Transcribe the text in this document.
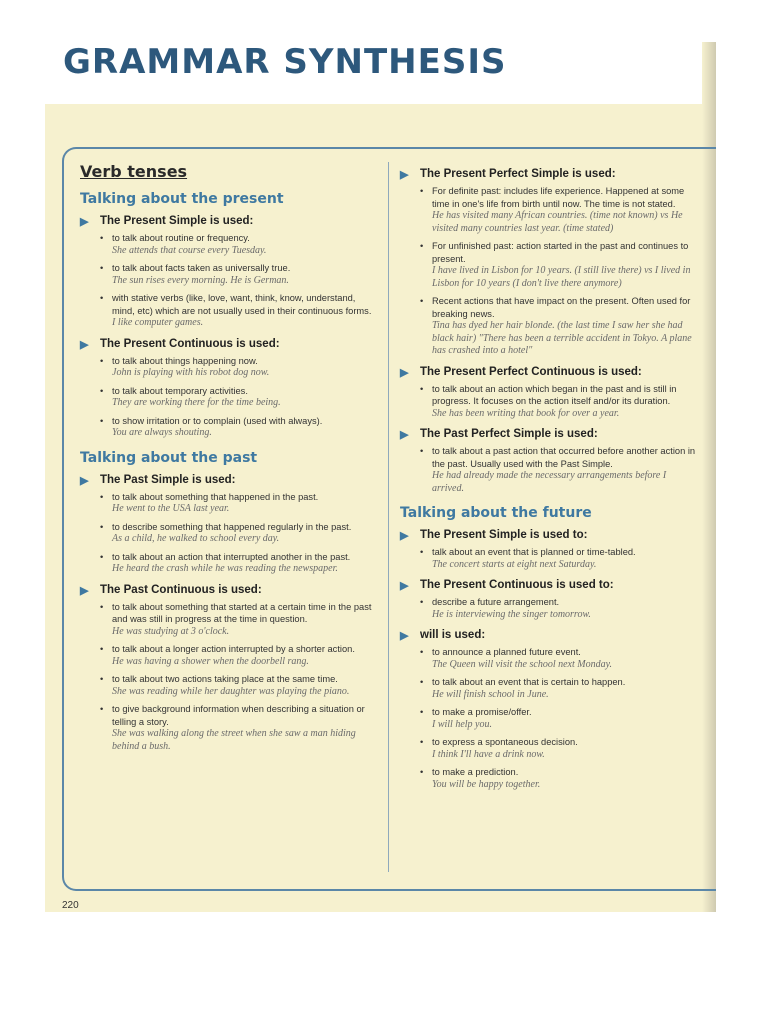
GRAMMAR SYNTHESIS
Verb tenses
Talking about the present
▶	The Present Simple is used:
• to talk about routine or frequency.
She attends that course every Tuesday.
• to talk about facts taken as universally true.
The sun rises every morning. He is German.
• with stative verbs (like, love, want, think, know, understand, mind, etc) which are not usually used in their continuous forms.
I like computer games.
▶	The Present Continuous is used:
• to talk about things happening now.
John is playing with his robot dog now.
• to talk about temporary activities.
They are working there for the time being.
• to show irritation or to complain (used with always).
You are always shouting.
Talking about the past
▶	The Past Simple is used:
• to talk about something that happened in the past.
He went to the USA last year.
• to describe something that happened regularly in the past.
As a child, he walked to school every day.
• to talk about an action that interrupted another in the past.
He heard the crash while he was reading the newspaper.
▶	The Past Continuous is used:
• to talk about something that started at a certain time in the past and was still in progress at the time in question.
He was studying at 3 o'clock.
• to talk about a longer action interrupted by a shorter action.
He was having a shower when the doorbell rang.
• to talk about two actions taking place at the same time.
She was reading while her daughter was playing the piano.
• to give background information when describing a situation or telling a story.
She was walking along the street when she saw a man hiding behind a bush.
▶	The Present Perfect Simple is used:
• For definite past: includes life experience. Happened at some time in one's life from birth until now. The time is not stated.
He has visited many African countries. (time not known) vs He visited many countries last year. (time stated)
• For unfinished past: action started in the past and continues to present.
I have lived in Lisbon for 10 years. (I still live there) vs I lived in Lisbon for 10 years (I don't live there anymore)
• Recent actions that have impact on the present. Often used for breaking news.
Tina has dyed her hair blonde. (the last time I saw her she had black hair) "There has been a terrible accident in Tokyo. A plane has crashed into a hotel"
▶	The Present Perfect Continuous is used:
• to talk about an action which began in the past and is still in progress. It focuses on the action itself and/or its duration.
She has been writing that book for over a year.
▶	The Past Perfect Simple is used:
• to talk about a past action that occurred before another action in the past. Usually used with the Past Simple.
He had already made the necessary arrangements before I arrived.
Talking about the future
▶	The Present Simple is used to:
• talk about an event that is planned or time-tabled.
The concert starts at eight next Saturday.
▶	The Present Continuous is used to:
• describe a future arrangement.
He is interviewing the singer tomorrow.
▶	will is used:
• to announce a planned future event.
The Queen will visit the school next Monday.
• to talk about an event that is certain to happen.
He will finish school in June.
• to make a promise/offer.
I will help you.
• to express a spontaneous decision.
I think I'll have a drink now.
• to make a prediction.
You will be happy together.
220
